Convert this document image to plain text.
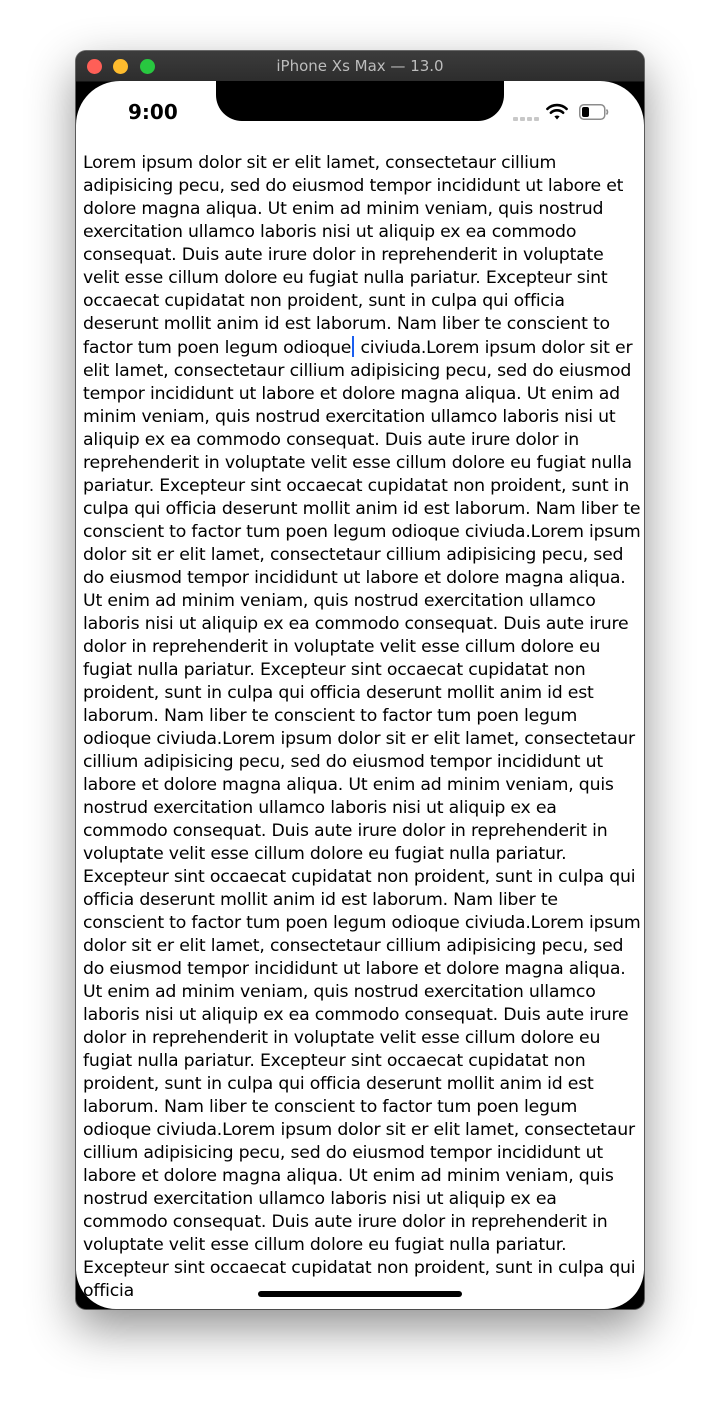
iPhone Xs Max — 13.0
9:00

Lorem ipsum dolor sit er elit lamet, consectetaur cillium adipisicing pecu, sed do eiusmod tempor incididunt ut labore et dolore magna aliqua. Ut enim ad minim veniam, quis nostrud exercitation ullamco laboris nisi ut aliquip ex ea commodo consequat. Duis aute irure dolor in reprehenderit in voluptate velit esse cillum dolore eu fugiat nulla pariatur. Excepteur sint occaecat cupidatat non proident, sunt in culpa qui officia deserunt mollit anim id est laborum. Nam liber te conscient to factor tum poen legum odioque civiuda.Lorem ipsum dolor sit er elit lamet, consectetaur cillium adipisicing pecu, sed do eiusmod tempor incididunt ut labore et dolore magna aliqua. Ut enim ad minim veniam, quis nostrud exercitation ullamco laboris nisi ut aliquip ex ea commodo consequat. Duis aute irure dolor in reprehenderit in voluptate velit esse cillum dolore eu fugiat nulla pariatur. Excepteur sint occaecat cupidatat non proident, sunt in culpa qui officia deserunt mollit anim id est laborum. Nam liber te conscient to factor tum poen legum odioque civiuda.Lorem ipsum dolor sit er elit lamet, consectetaur cillium adipisicing pecu, sed do eiusmod tempor incididunt ut labore et dolore magna aliqua. Ut enim ad minim veniam, quis nostrud exercitation ullamco laboris nisi ut aliquip ex ea commodo consequat. Duis aute irure dolor in reprehenderit in voluptate velit esse cillum dolore eu fugiat nulla pariatur. Excepteur sint occaecat cupidatat non proident, sunt in culpa qui officia deserunt mollit anim id est laborum. Nam liber te conscient to factor tum poen legum odioque civiuda.Lorem ipsum dolor sit er elit lamet, consectetaur cillium adipisicing pecu, sed do eiusmod tempor incididunt ut labore et dolore magna aliqua. Ut enim ad minim veniam, quis nostrud exercitation ullamco laboris nisi ut aliquip ex ea commodo consequat. Duis aute irure dolor in reprehenderit in voluptate velit esse cillum dolore eu fugiat nulla pariatur. Excepteur sint occaecat cupidatat non proident, sunt in culpa qui officia deserunt mollit anim id est laborum. Nam liber te conscient to factor tum poen legum odioque civiuda.Lorem ipsum dolor sit er elit lamet, consectetaur cillium adipisicing pecu, sed do eiusmod tempor incididunt ut labore et dolore magna aliqua. Ut enim ad minim veniam, quis nostrud exercitation ullamco laboris nisi ut aliquip ex ea commodo consequat. Duis aute irure dolor in reprehenderit in voluptate velit esse cillum dolore eu fugiat nulla pariatur. Excepteur sint occaecat cupidatat non proident, sunt in culpa qui officia deserunt mollit anim id est laborum. Nam liber te conscient to factor tum poen legum odioque civiuda.Lorem ipsum dolor sit er elit lamet, consectetaur cillium adipisicing pecu, sed do eiusmod tempor incididunt ut labore et dolore magna aliqua. Ut enim ad minim veniam, quis nostrud exercitation ullamco laboris nisi ut aliquip ex ea commodo consequat. Duis aute irure dolor in reprehenderit in voluptate velit esse cillum dolore eu fugiat nulla pariatur. Excepteur sint occaecat cupidatat non proident, sunt in culpa qui officia
